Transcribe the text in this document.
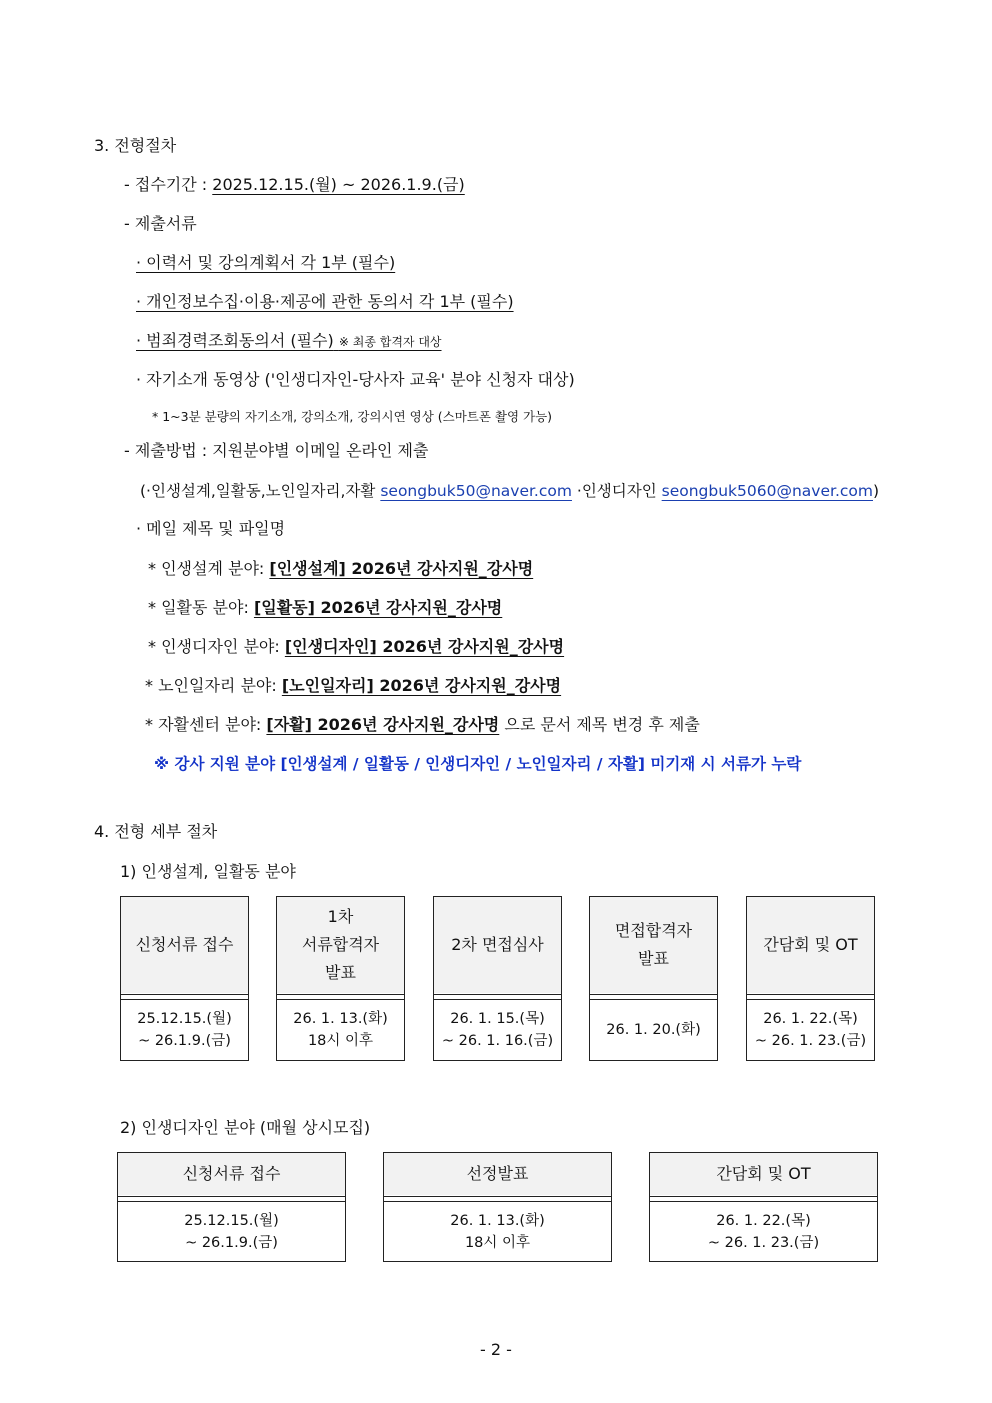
3. 전형절차
- 접수기간 : 2025.12.15.(월) ~ 2026.1.9.(금)
- 제출서류
· 이력서 및 강의계획서 각 1부 (필수)
· 개인정보수집·이용·제공에 관한 동의서 각 1부 (필수)
· 범죄경력조회동의서 (필수) ※ 최종 합격자 대상
· 자기소개 동영상 ('인생디자인-당사자 교육' 분야 신청자 대상)
* 1~3분 분량의 자기소개, 강의소개, 강의시연 영상 (스마트폰 촬영 가능)
- 제출방법 : 지원분야별 이메일 온라인 제출
(·인생설계,일활동,노인일자리,자활 seongbuk50@naver.com ·인생디자인 seongbuk5060@naver.com)
· 메일 제목 및 파일명
* 인생설계 분야: [인생설계] 2026년 강사지원_강사명
* 일활동 분야: [일활동] 2026년 강사지원_강사명
* 인생디자인 분야: [인생디자인] 2026년 강사지원_강사명
* 노인일자리 분야: [노인일자리] 2026년 강사지원_강사명
* 자활센터 분야: [자활] 2026년 강사지원_강사명 으로 문서 제목 변경 후 제출
※ 강사 지원 분야 [인생설계 / 일활동 / 인생디자인 / 노인일자리 / 자활] 미기재 시 서류가 누락
4. 전형 세부 절차
1) 인생설계, 일활동 분야
신청서류 접수
25.12.15.(월)
~ 26.1.9.(금)
1차
서류합격자
발표
26. 1. 13.(화)
18시 이후
2차 면접심사
26. 1. 15.(목)
~ 26. 1. 16.(금)
면접합격자
발표
26. 1. 20.(화)
간담회 및 OT
26. 1. 22.(목)
~ 26. 1. 23.(금)
2) 인생디자인 분야 (매월 상시모집)
신청서류 접수
25.12.15.(월)
~ 26.1.9.(금)
선정발표
26. 1. 13.(화)
18시 이후
간담회 및 OT
26. 1. 22.(목)
~ 26. 1. 23.(금)
- 2 -
